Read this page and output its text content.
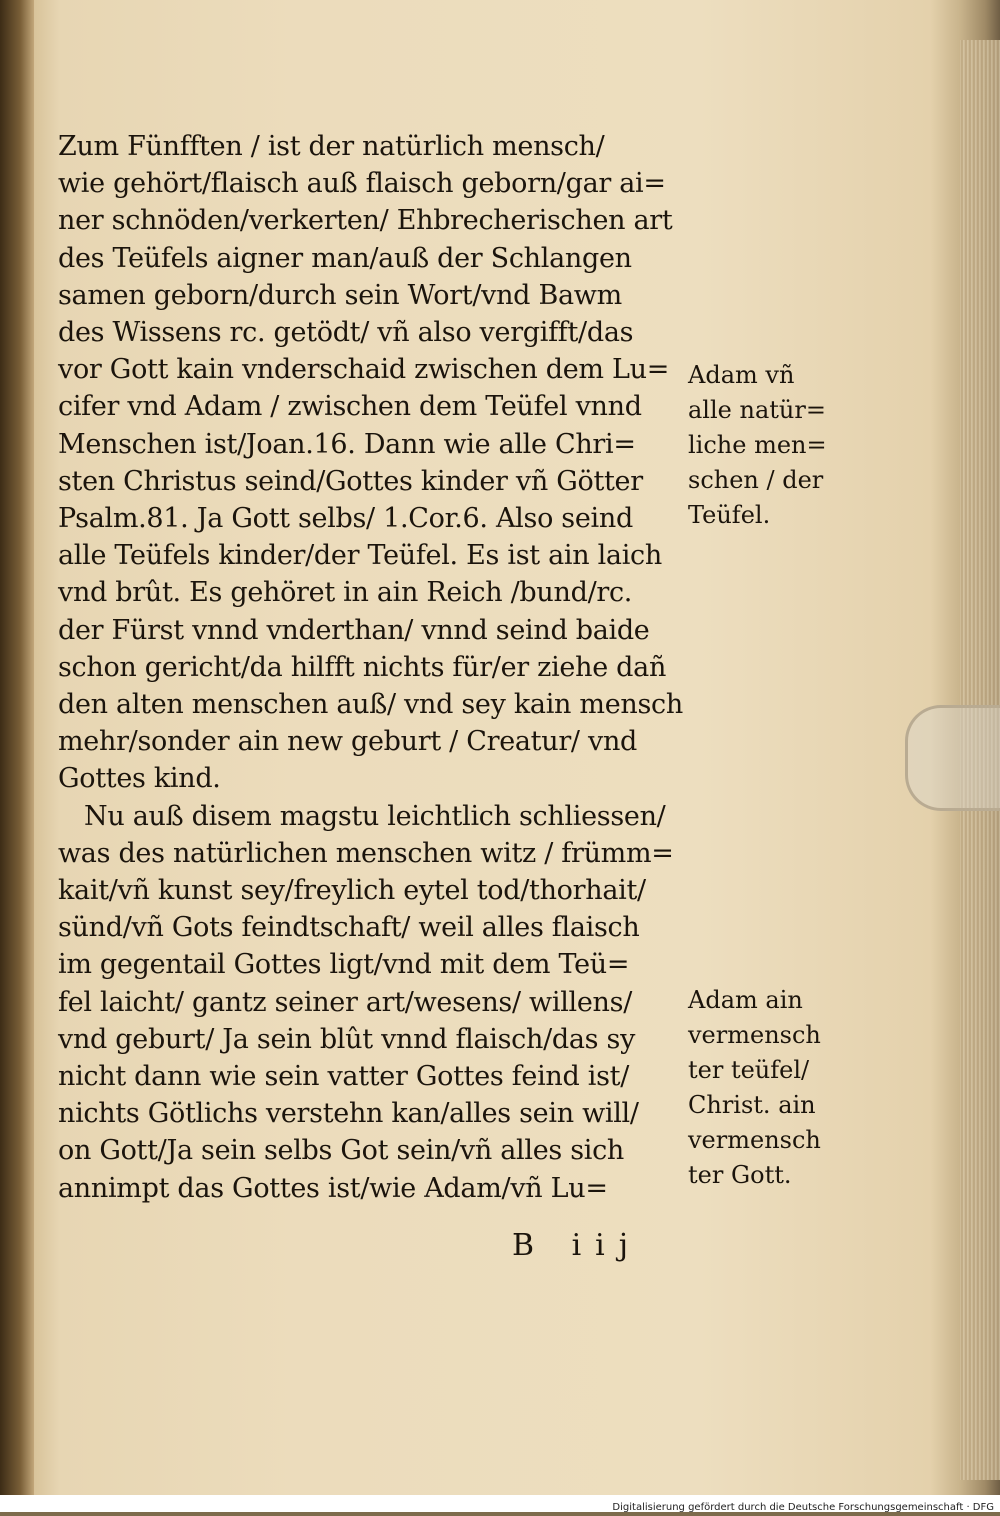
Zum Fünfften / ist der natürlich mensch/
wie gehört/flaisch auß flaisch geborn/gar ai=
ner schnöden/verkerten/ Ehbrecherischen art
des Teüfels aigner man/auß der Schlangen
samen geborn/durch sein Wort/vnd Bawm
des Wissens rc. getödt/ vñ also vergifft/das
vor Gott kain vnderschaid zwischen dem Lu=
cifer vnd Adam / zwischen dem Teüfel vnnd
Menschen ist/Joan.16. Dann wie alle Chri=
sten Christus seind/Gottes kinder vñ Götter
Psalm.81. Ja Gott selbs/ 1.Cor.6. Also seind
alle Teüfels kinder/der Teüfel. Es ist ain laich
vnd brût. Es gehöret in ain Reich /bund/rc.
der Fürst vnnd vnderthan/ vnnd seind baide
schon gericht/da hilfft nichts für/er ziehe dañ
den alten menschen auß/ vnd sey kain mensch
mehr/sonder ain new geburt / Creatur/ vnd
Gottes kind.
Nu auß disem magstu leichtlich schliessen/
was des natürlichen menschen witz / frümm=
kait/vñ kunst sey/freylich eytel tod/thorhait/
sünd/vñ Gots feindtschaft/ weil alles flaisch
im gegentail Gottes ligt/vnd mit dem Teü=
fel laicht/ gantz seiner art/wesens/ willens/
vnd geburt/ Ja sein blût vnnd flaisch/das sy
nicht dann wie sein vatter Gottes feind ist/
nichts Götlichs verstehn kan/alles sein will/
on Gott/Ja sein selbs Got sein/vñ alles sich
annimpt das Gottes ist/wie Adam/vñ Lu=
Adam vñ
alle natür=
liche men=
schen / der
Teüfel.
Adam ain
vermensch
ter teüfel/
Christ. ain
vermensch
ter Gott.
B iij
Digitalisierung gefördert durch die Deutsche Forschungsgemeinschaft · DFG
